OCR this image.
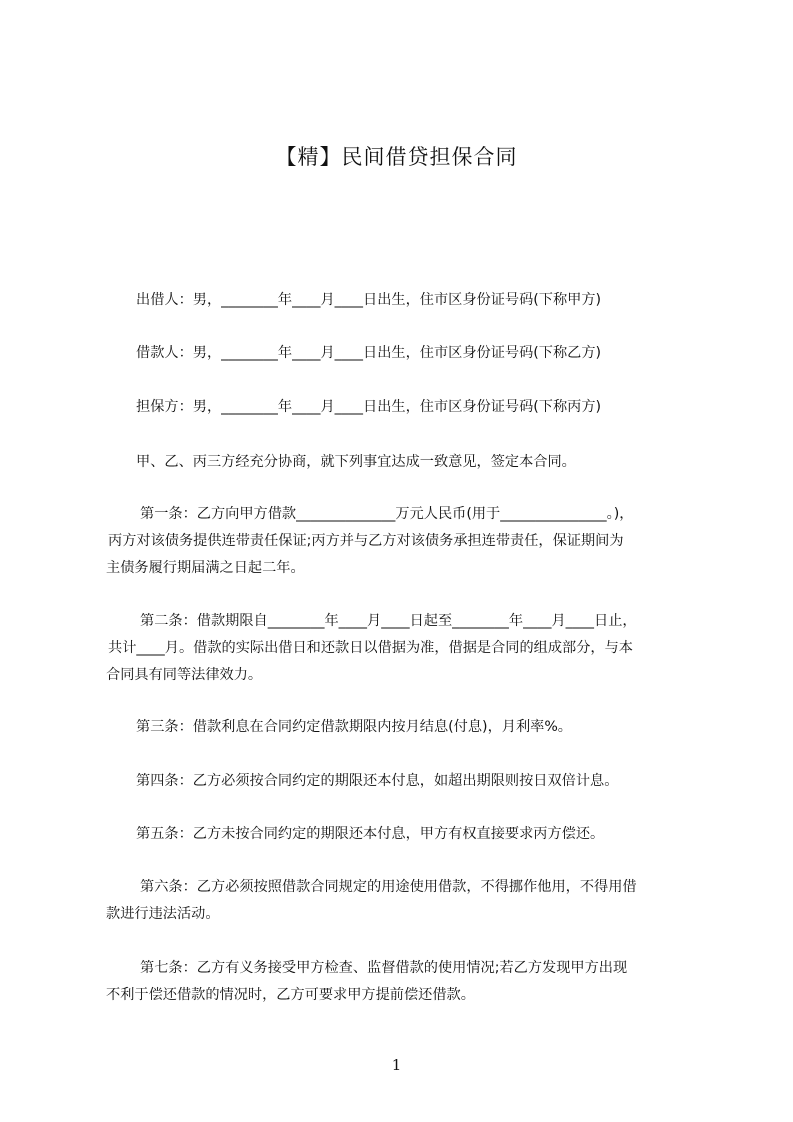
【精】民间借贷担保合同
出借人：男，________年____月____日出生，住市区身份证号码(下称甲方)
借款人：男，________年____月____日出生，住市区身份证号码(下称乙方)
担保方：男，________年____月____日出生，住市区身份证号码(下称丙方)
甲、乙、丙三方经充分协商，就下列事宜达成一致意见，签定本合同。
第一条：乙方向甲方借款______________万元人民币(用于_______________。)，
丙方对该债务提供连带责任保证;丙方并与乙方对该债务承担连带责任，保证期间为
主债务履行期届满之日起二年。
第二条：借款期限自________年____月____日起至________年____月____日止，
共计____月。借款的实际出借日和还款日以借据为准，借据是合同的组成部分，与本
合同具有同等法律效力。
第三条：借款利息在合同约定借款期限内按月结息(付息)，月利率%。
第四条：乙方必须按合同约定的期限还本付息，如超出期限则按日双倍计息。
第五条：乙方未按合同约定的期限还本付息，甲方有权直接要求丙方偿还。
第六条：乙方必须按照借款合同规定的用途使用借款，不得挪作他用，不得用借
款进行违法活动。
第七条：乙方有义务接受甲方检查、监督借款的使用情况;若乙方发现甲方出现
不利于偿还借款的情况时，乙方可要求甲方提前偿还借款。
1
